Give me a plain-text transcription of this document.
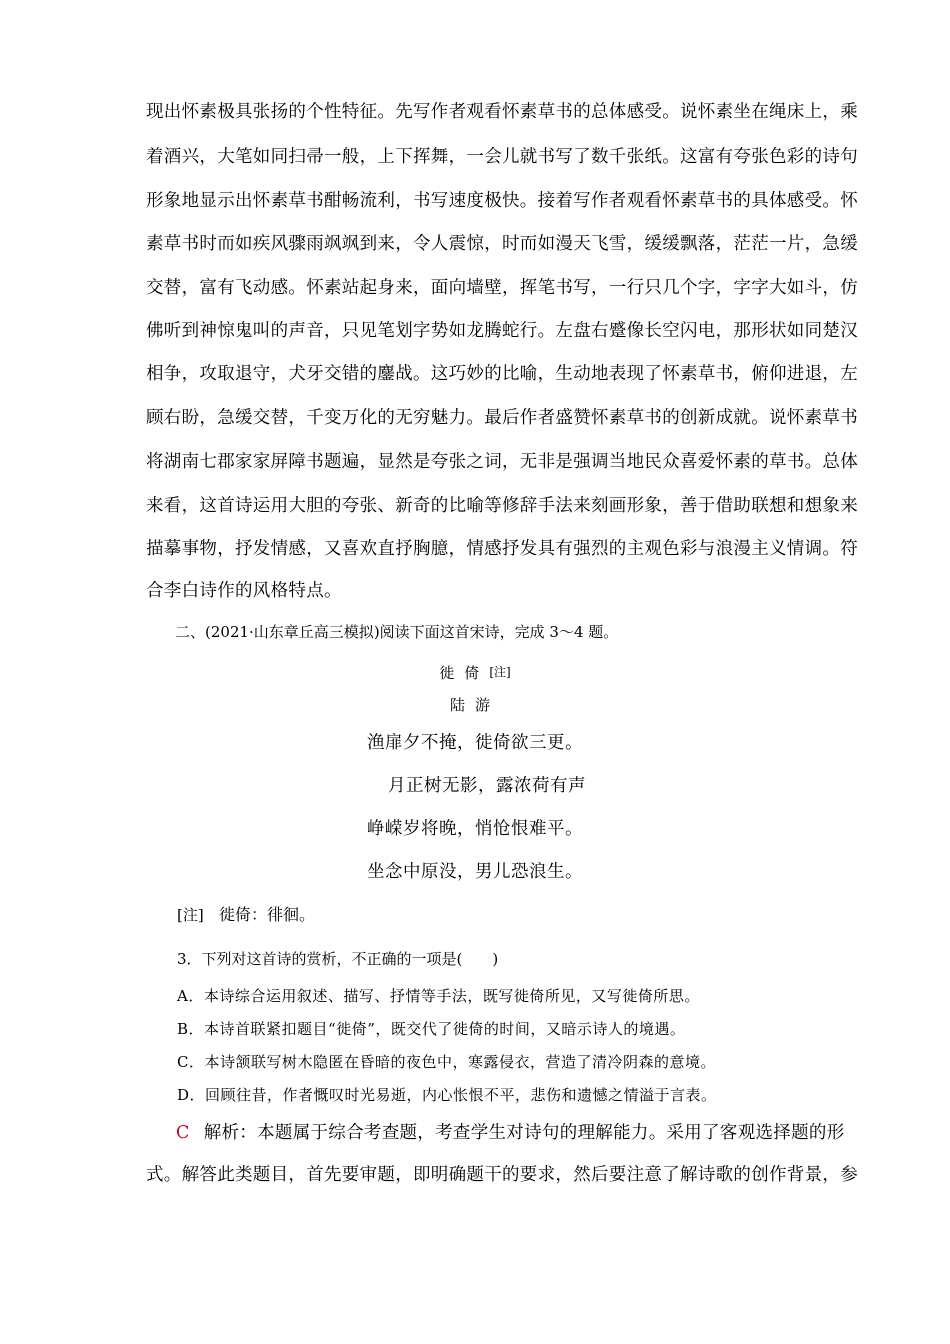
现出怀素极具张扬的个性特征。先写作者观看怀素草书的总体感受。说怀素坐在绳床上，乘
着酒兴，大笔如同扫帚一般，上下挥舞，一会儿就书写了数千张纸。这富有夸张色彩的诗句
形象地显示出怀素草书酣畅流利，书写速度极快。接着写作者观看怀素草书的具体感受。怀
素草书时而如疾风骤雨飒飒到来，令人震惊，时而如漫天飞雪，缓缓飘落，茫茫一片，急缓
交替，富有飞动感。怀素站起身来，面向墙壁，挥笔书写，一行只几个字，字字大如斗，仿
佛听到神惊鬼叫的声音，只见笔划字势如龙腾蛇行。左盘右蹙像长空闪电，那形状如同楚汉
相争，攻取退守，犬牙交错的鏖战。这巧妙的比喻，生动地表现了怀素草书，俯仰进退，左
顾右盼，急缓交替，千变万化的无穷魅力。最后作者盛赞怀素草书的创新成就。说怀素草书
将湖南七郡家家屏障书题遍，显然是夸张之词，无非是强调当地民众喜爱怀素的草书。总体
来看，这首诗运用大胆的夸张、新奇的比喻等修辞手法来刻画形象，善于借助联想和想象来
描摹事物，抒发情感，又喜欢直抒胸臆，情感抒发具有强烈的主观色彩与浪漫主义情调。符
合李白诗作的风格特点。
二、(2021·山东章丘高三模拟)阅读下面这首宋诗，完成 3～4 题。
徙倚[注]
陆游
渔扉夕不掩，徙倚欲三更。
月正树无影，露浓荷有声
峥嵘岁将晚，悄怆恨难平。
坐念中原没，男儿恐浪生。
[注] 徙倚：徘徊。
3．下列对这首诗的赏析，不正确的一项是(　　)
A．本诗综合运用叙述、描写、抒情等手法，既写徙倚所见，又写徙倚所思。
B．本诗首联紧扣题目“徙倚”，既交代了徙倚的时间，又暗示诗人的境遇。
C．本诗颔联写树木隐匿在昏暗的夜色中，寒露侵衣，营造了清冷阴森的意境。
D．回顾往昔，作者慨叹时光易逝，内心怅恨不平，悲伤和遗憾之情溢于言表。
C 解析：本题属于综合考查题，考查学生对诗句的理解能力。采用了客观选择题的形
式。解答此类题目，首先要审题，即明确题干的要求，然后要注意了解诗歌的创作背景，参
